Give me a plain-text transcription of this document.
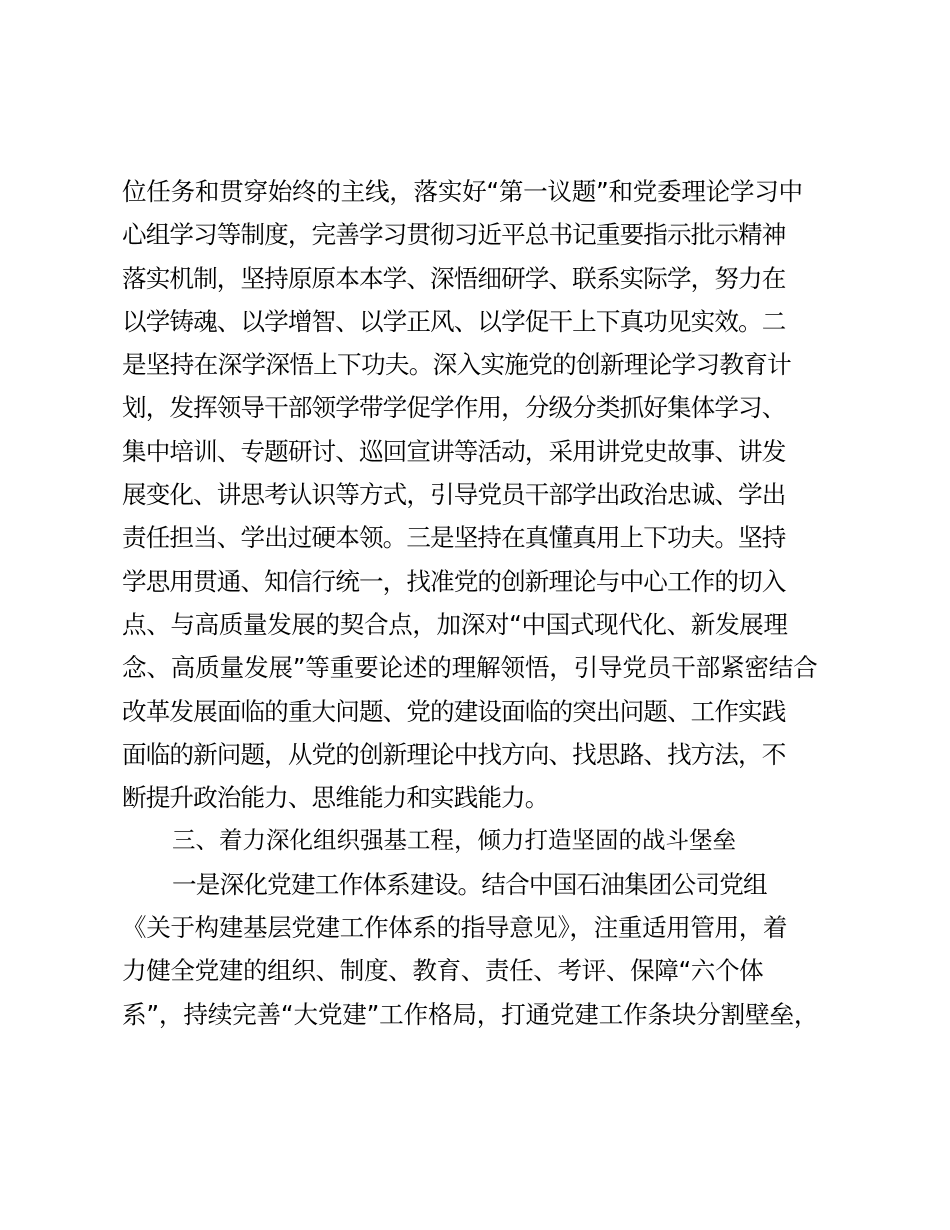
位任务和贯穿始终的主线，落实好“第一议题”和党委理论学习中
心组学习等制度，完善学习贯彻习近平总书记重要指示批示精神
落实机制，坚持原原本本学、深悟细研学、联系实际学，努力在
以学铸魂、以学增智、以学正风、以学促干上下真功见实效。二
是坚持在深学深悟上下功夫。深入实施党的创新理论学习教育计
划，发挥领导干部领学带学促学作用，分级分类抓好集体学习、
集中培训、专题研讨、巡回宣讲等活动，采用讲党史故事、讲发
展变化、讲思考认识等方式，引导党员干部学出政治忠诚、学出
责任担当、学出过硬本领。三是坚持在真懂真用上下功夫。坚持
学思用贯通、知信行统一，找准党的创新理论与中心工作的切入
点、与高质量发展的契合点，加深对“中国式现代化、新发展理
念、高质量发展”等重要论述的理解领悟，引导党员干部紧密结合
改革发展面临的重大问题、党的建设面临的突出问题、工作实践
面临的新问题，从党的创新理论中找方向、找思路、找方法，不
断提升政治能力、思维能力和实践能力。
三、着力深化组织强基工程，倾力打造坚固的战斗堡垒
一是深化党建工作体系建设。结合中国石油集团公司党组
《关于构建基层党建工作体系的指导意见》，注重适用管用，着
力健全党建的组织、制度、教育、责任、考评、保障“六个体
系”，持续完善“大党建”工作格局，打通党建工作条块分割壁垒，
